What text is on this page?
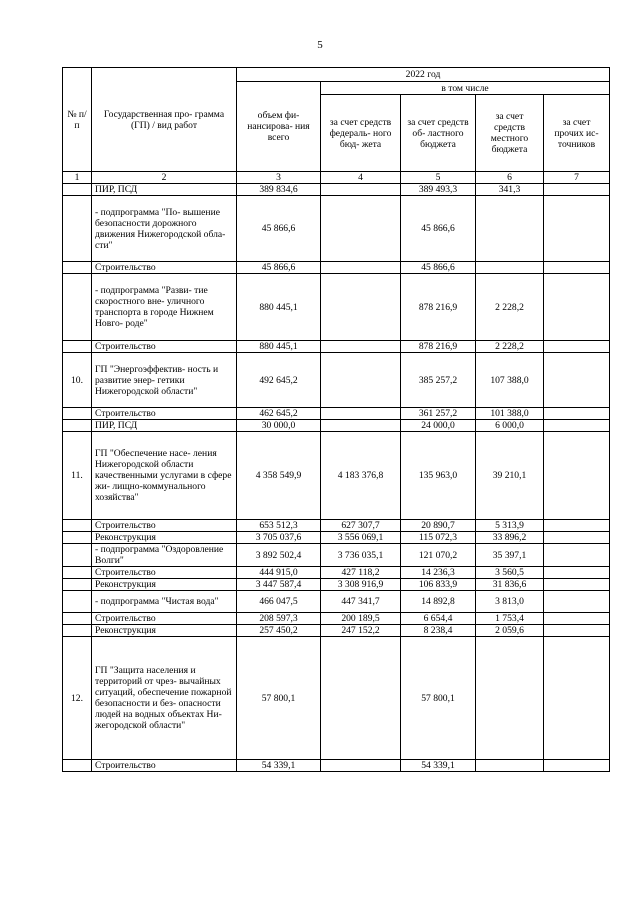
5
№ п/п	Государственная про- грамма (ГП) / вид работ	2022 год				
		объем фи- нансирова- ния всего	в том числе			
			за счет средств федераль- ного бюд- жета	за счет средств об- ластного бюджета	за счет средств местного бюджета	за счет прочих ис- точников
1	2	3	4	5	6	7
	ПИР, ПСД	389 834,6		389 493,3	341,3	
	- подпрограмма "По- вышение безопасности дорожного движения Нижегородской обла- сти"	45 866,6		45 866,6		
	Строительство	45 866,6		45 866,6		
	- подпрограмма "Разви- тие скоростного вне- уличного транспорта в городе Нижнем Новго- роде"	880 445,1		878 216,9	2 228,2	
	Строительство	880 445,1		878 216,9	2 228,2	
10.	ГП "Энергоэффектив- ность и развитие энер- гетики Нижегородской области"	492 645,2		385 257,2	107 388,0	
	Строительство	462 645,2		361 257,2	101 388,0	
	ПИР, ПСД	30 000,0		24 000,0	6 000,0	
11.	ГП "Обеспечение насе- ления Нижегородской области качественными услугами в сфере жи- лищно-коммунального хозяйства"	4 358 549,9	4 183 376,8	135 963,0	39 210,1	
	Строительство	653 512,3	627 307,7	20 890,7	5 313,9	
	Реконструкция	3 705 037,6	3 556 069,1	115 072,3	33 896,2	
	- подпрограмма "Оздоровление Волги"	3 892 502,4	3 736 035,1	121 070,2	35 397,1	
	Строительство	444 915,0	427 118,2	14 236,3	3 560,5	
	Реконструкция	3 447 587,4	3 308 916,9	106 833,9	31 836,6	
	- подпрограмма "Чистая вода"	466 047,5	447 341,7	14 892,8	3 813,0	
	Строительство	208 597,3	200 189,5	6 654,4	1 753,4	
	Реконструкция	257 450,2	247 152,2	8 238,4	2 059,6	
12.	ГП "Защита населения и территорий от чрез- вычайных ситуаций, обеспечение пожарной безопасности и без- опасности людей на водных объектах Ни- жегородской области"	57 800,1		57 800,1		
	Строительство	54 339,1		54 339,1		
